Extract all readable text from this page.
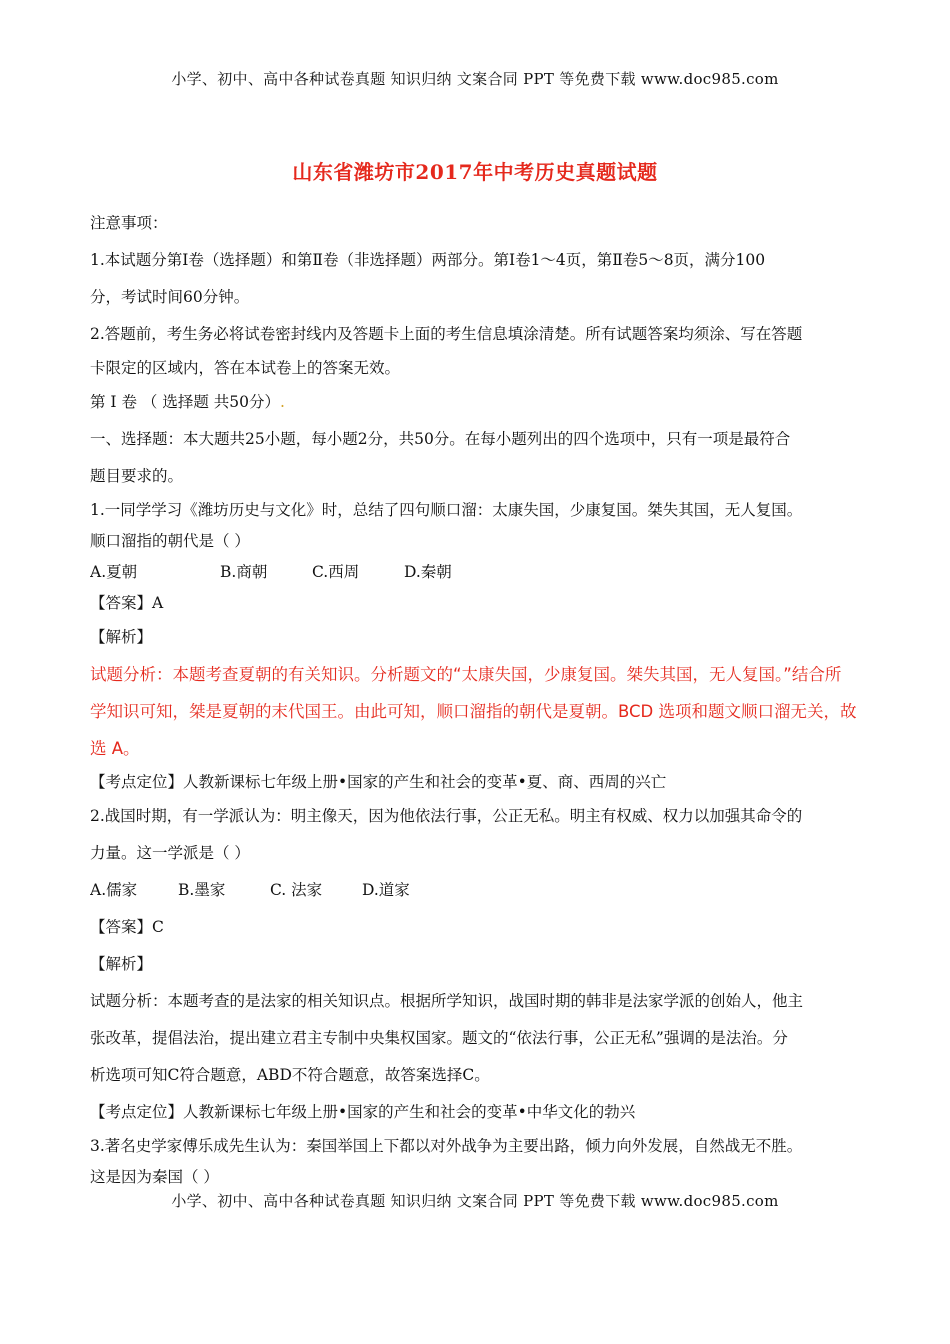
小学、初中、高中各种试卷真题 知识归纳 文案合同 PPT 等免费下载 www.doc985.com
山东省潍坊市2017年中考历史真题试题
注意事项：
1.本试题分第Ⅰ卷（选择题）和第Ⅱ卷（非选择题）两部分。第Ⅰ卷1～4页，第Ⅱ卷5～8页，满分100
分，考试时间60分钟。
2.答题前，考生务必将试卷密封线内及答题卡上面的考生信息填涂清楚。所有试题答案均须涂、写在答题
卡限定的区域内，答在本试卷上的答案无效。
第 Ⅰ 卷 （ 选择题 共50分）.
一、选择题：本大题共25小题，每小题2分，共50分。在每小题列出的四个选项中，只有一项是最符合
题目要求的。
1.一同学学习《潍坊历史与文化》时，总结了四句顺口溜：太康失国，少康复国。桀失其国，无人复国。
顺口溜指的朝代是（ ）
A.夏朝	B.商朝	C.西周	D.秦朝
【答案】A
【解析】
试题分析：本题考查夏朝的有关知识。分析题文的“太康失国，少康复国。桀失其国，无人复国。”结合所
学知识可知，桀是夏朝的末代国王。由此可知，顺口溜指的朝代是夏朝。BCD 选项和题文顺口溜无关，故
选 A。
【考点定位】人教新课标七年级上册•国家的产生和社会的变革•夏、商、西周的兴亡
2.战国时期，有一学派认为：明主像天，因为他依法行事，公正无私。明主有权威、权力以加强其命令的
力量。这一学派是（ ）
A.儒家	B.墨家	C. 法家	D.道家
【答案】C
【解析】
试题分析：本题考查的是法家的相关知识点。根据所学知识，战国时期的韩非是法家学派的创始人，他主
张改革，提倡法治，提出建立君主专制中央集权国家。题文的“依法行事，公正无私”强调的是法治。分
析选项可知C符合题意，ABD不符合题意，故答案选择C。
【考点定位】人教新课标七年级上册•国家的产生和社会的变革•中华文化的勃兴
3.著名史学家傅乐成先生认为：秦国举国上下都以对外战争为主要出路，倾力向外发展，自然战无不胜。
这是因为秦国（ ）
小学、初中、高中各种试卷真题 知识归纳 文案合同 PPT 等免费下载 www.doc985.com
